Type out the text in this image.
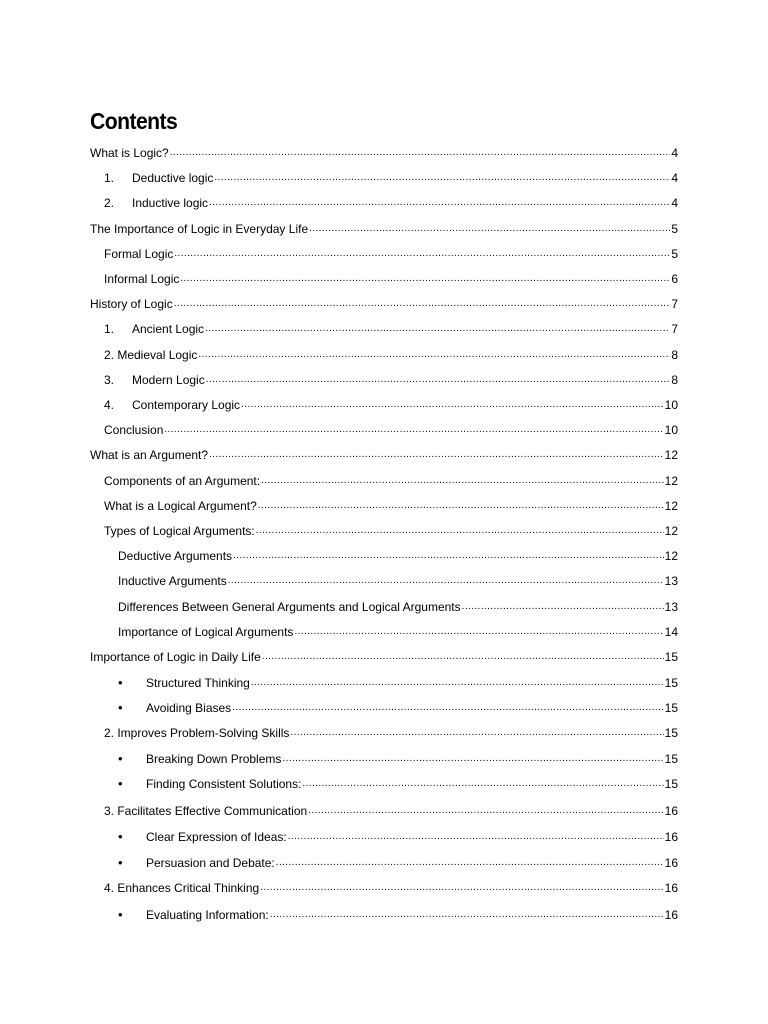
Contents
What is Logic? .....	4
1.	Deductive logic .....	4
2.	Inductive logic .....	4
The Importance of Logic in Everyday Life .....	5
Formal Logic .....	5
Informal Logic .....	6
History of Logic .....	7
1.	Ancient Logic .....	7
2. Medieval Logic .....	8
3.	Modern Logic .....	8
4.	Contemporary Logic .....	10
Conclusion .....	10
What is an Argument? .....	12
Components of an Argument: .....	12
What is a Logical Argument? .....	12
Types of Logical Arguments: .....	12
Deductive Arguments .....	12
Inductive Arguments .....	13
Differences Between General Arguments and Logical Arguments .....	13
Importance of Logical Arguments .....	14
Importance of Logic in Daily Life .....	15
•	Structured Thinking .....	15
•	Avoiding Biases .....	15
2. Improves Problem-Solving Skills .....	15
•	Breaking Down Problems .....	15
•	Finding Consistent Solutions: .....	15
3. Facilitates Effective Communication .....	16
•	Clear Expression of Ideas: .....	16
•	Persuasion and Debate: .....	16
4. Enhances Critical Thinking .....	16
•	Evaluating Information: .....	16
